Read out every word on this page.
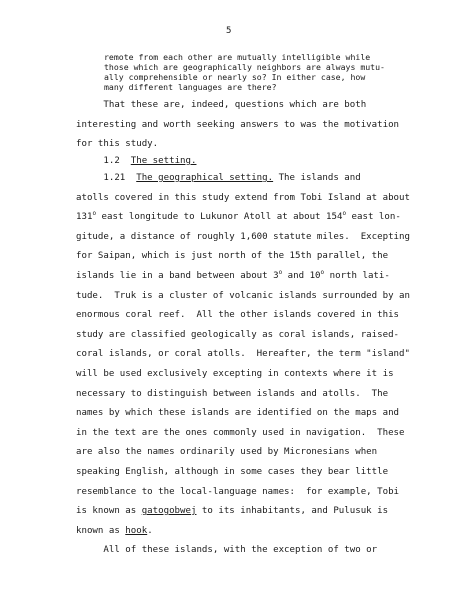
5
remote from each other are mutually intelligible while
those which are geographically neighbors are always mutu-
ally comprehensible or nearly so? In either case, how
many different languages are there?
That these are, indeed, questions which are both
interesting and worth seeking answers to was the motivation
for this study.
1.2 The setting.
1.21 The geographical setting. The islands and
atolls covered in this study extend from Tobi Island at about
131$^o$ east longitude to Lukunor Atoll at about 154$^o$ east lon-
gitude, a distance of roughly 1,600 statute miles.  Excepting
for Saipan, which is just north of the 15th parallel, the
islands lie in a band between about 3$^o$ and 10$^o$ north lati-
tude.  Truk is a cluster of volcanic islands surrounded by an
enormous coral reef.  All the other islands covered in this
study are classified geologically as coral islands, raised-
coral islands, or coral atolls.  Hereafter, the term "island"
will be used exclusively excepting in contexts where it is
necessary to distinguish between islands and atolls.  The
names by which these islands are identified on the maps and
in the text are the ones commonly used in navigation.  These
are also the names ordinarily used by Micronesians when
speaking English, although in some cases they bear little
resemblance to the local-language names:  for example, Tobi
is known as gatogobwej to its inhabitants, and Pulusuk is
known as hook.
All of these islands, with the exception of two or
